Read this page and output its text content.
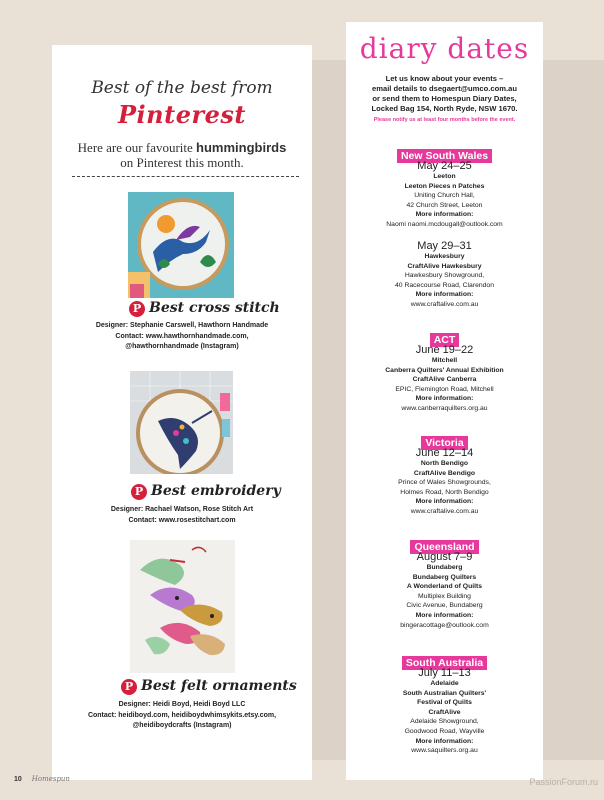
Best of the best from
Pinterest
Here are our favourite hummingbirds
on Pinterest this month.
P Best cross stitch
Designer: Stephanie Carswell, Hawthorn Handmade
Contact: www.hawthornhandmade.com,
@hawthornhandmade (Instagram)
P Best embroidery
Designer: Rachael Watson, Rose Stitch Art
Contact: www.rosestitchart.com
P Best felt ornaments
Designer: Heidi Boyd, Heidi Boyd LLC
Contact: heidiboyd.com, heidiboydwhimsykits.etsy.com,
@heidiboydcrafts (Instagram)
diary dates
Let us know about your events –
email details to dsegaert@umco.com.au
or send them to Homespun Diary Dates,
Locked Bag 154, North Ryde, NSW 1670.
Please notify us at least four months before the event.
New South Wales
May 24–25
Leeton
Leeton Pieces n Patches
Uniting Church Hall,
42 Church Street, Leeton
More information:
Naomi naomi.mcdougall@outlook.com
May 29–31
Hawkesbury
CraftAlive Hawkesbury
Hawkesbury Showground,
40 Racecourse Road, Clarendon
More information:
www.craftalive.com.au
ACT
June 19–22
Mitchell
Canberra Quilters' Annual Exhibition
CraftAlive Canberra
EPIC, Flemington Road, Mitchell
More information:
www.canberraquilters.org.au
Victoria
June 12–14
North Bendigo
CraftAlive Bendigo
Prince of Wales Showgrounds,
Holmes Road, North Bendigo
More information:
www.craftalive.com.au
Queensland
August 7–9
Bundaberg
Bundaberg Quilters
A Wonderland of Quilts
Multiplex Building
Civic Avenue, Bundaberg
More information:
bingeracottage@outlook.com
South Australia
July 11–13
Adelaide
South Australian Quilters'
Festival of Quilts
CraftAlive
Adelaide Showground,
Goodwood Road, Wayville
More information:
www.saquilters.org.au
10 Homespun	PassionForum.ru
